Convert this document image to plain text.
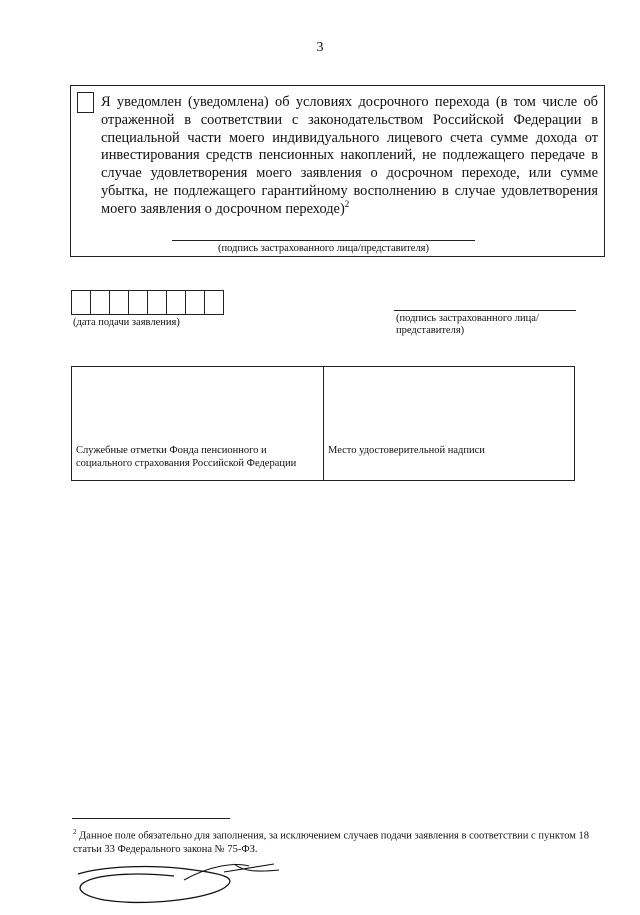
3
Я уведомлен (уведомлена) об условиях досрочного перехода (в том числе об отраженной в соответствии с законодательством Российской Федерации в специальной части моего индивидуального лицевого счета сумме дохода от инвестирования средств пенсионных накоплений, не подлежащего передаче в случае удовлетворения моего заявления о досрочном переходе, или сумме убытка, не подлежащего гарантийному восполнению в случае удовлетворения моего заявления о досрочном переходе)$^2$
(подпись застрахованного лица/представителя)
(дата подачи заявления)	(подпись застрахованного лица/ представителя)
Служебные отметки Фонда пенсионного и социального страхования Российской Федерации
Место удостоверительной надписи
$^2$ Данное поле обязательно для заполнения, за исключением случаев подачи заявления в соответствии с пунктом 18 статьи 33 Федерального закона № 75-ФЗ.
